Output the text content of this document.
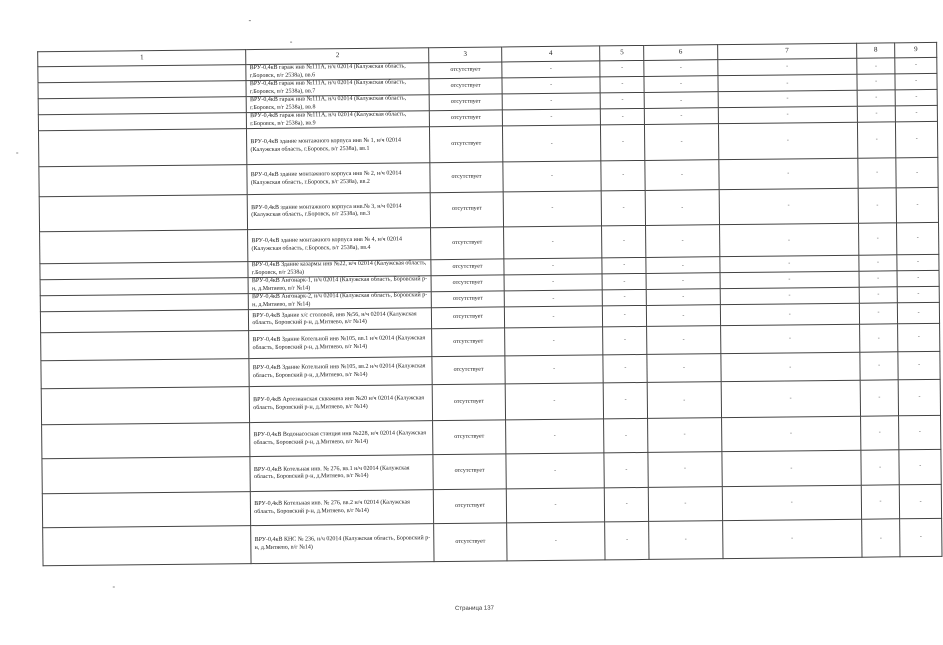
1	2	3	4	5	6	7	8	9
	ВРУ-0,4кВ гараж инв №111А, н/ч 02014 (Калужская область, г.Боровск, в/г 2538а), вв.6	отсутствует	-	-	-	-	-	-
	ВРУ-0,4кВ гараж инв №111А, н/ч 02014 (Калужская область, г.Боровск, в/г 2538а), вв.7	отсутствует	-	-	-	-	-	-
	ВРУ-0,4кВ гараж инв №111А, н/ч 02014 (Калужская область, г.Боровск, в/г 2538а), вв.8	отсутствует	-	-	-	-	-	-
	ВРУ-0,4кВ гараж инв №111А, н/ч 02014 (Калужская область, г.Боровск, в/г 2538а), вв.9	отсутствует	-	-	-	-	-	-
	ВРУ-0,4кВ здание монтажного корпуса инв № 1, н/ч 02014 (Калужская область, г.Боровск, в/г 2538а), вв.1	отсутствует	-	-	-	-	-	-
	ВРУ-0,4кВ здание монтажного корпуса инв № 2, н/ч 02014 (Калужская область, г.Боровск, в/г 2538а), вв.2	отсутствует	-	-	-	-	-	-
	ВРУ-0,4кВ здание монтажного корпуса инв.№ 3, н/ч 02014 (Калужская область, г.Боровск, в/г 2538а), вв.3	отсутствует	-	-	-	-	-	-
	ВРУ-0,4кВ здание монтажного корпуса инв № 4, н/ч 02014 (Калужская область, г.Боровск, в/г 2538а), вв.4	отсутствует	-	-	-	-	-	-
	ВРУ-0,4кВ Здание казармы инв №22, н/ч 02014 (Калужская область, г.Боровск, в/г 2538а)	отсутствует	-	-	-	-	-	-
	ВРУ-0,4кВ Ангонарк-1, н/ч 02014 (Калужская область, Боровский р-н, д.Митяево, в/г №14)	отсутствует	-	-	-	-	-	-
	ВРУ-0,4кВ Ангонарк-2, н/ч 02014 (Калужская область, Боровский р-н, д.Митяево, в/г №14)	отсутствует	-	-	-	-	-	-
	ВРУ-0,4кВ Здание х/с столовой, инв №56, н/ч 02014 (Калужская область, Боровский р-н, д.Митяево, в/г №14)	отсутствует	-	-	-	-	-	-
	ВРУ-0,4кВ Здание Котельной инв №105, вв.1 н/ч 02014 (Калужская область, Боровский р-н, д.Митяево, в/г №14)	отсутствует	-	-	-	-	-	-
	ВРУ-0,4кВ Здание Котельной инв №105, вв.2 н/ч 02014 (Калужская область, Боровский р-н, д.Митяево, в/г №14)	отсутствует	-	-	-	-	-	-
	ВРУ-0,4кВ Артезианская скважина инв №20 н/ч 02014 (Калужская область, Боровский р-н, д.Митяево, в/г №14)	отсутствует	-	-	-	-	-	-
	ВРУ-0,4кВ Водонасосная станция инв №228, н/ч 02014 (Калужская область, Боровский р-н, д.Митяево, в/г №14)	отсутствует	-	-	-	-	-	-
	ВРУ-0,4кВ Котельная инв. № 276, вв.1 н/ч 02014 (Калужская область, Боровский р-н, д.Митяево, в/г №14)	отсутствует	-	-	-	-	-	-
	ВРУ-0,4кВ Котельная инв. № 276, вв.2 н/ч 02014 (Калужская область, Боровский р-н, д.Митяево, в/г №14)	отсутствует	-	-	-	-	-	-
	ВРУ-0,4кВ КНС № 236, н/ч 02014 (Калужская область, Боровский р-н, д.Митяево, в/г №14)	отсутствует	-	-	-	-	-	-
Страница 137
